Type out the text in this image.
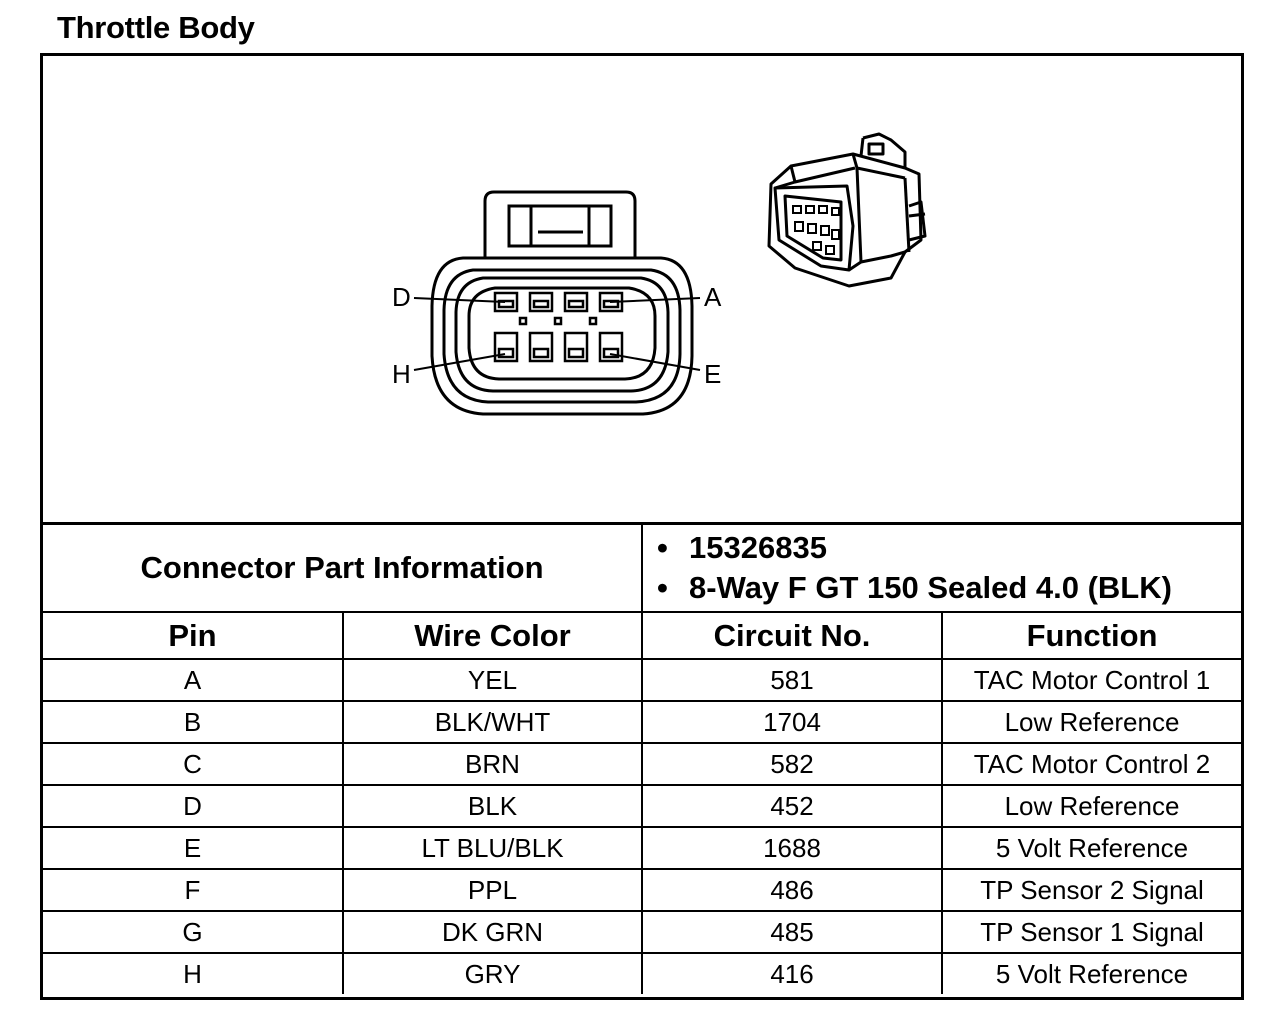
Throttle Body
D	A
H	E
Connector Part Information		• 15326835
• 8-Way F GT 150 Sealed 4.0 (BLK)	

Pin	Wire Color	Circuit No.	Function
A	YEL	581	TAC Motor Control 1
B	BLK/WHT	1704	Low Reference
C	BRN	582	TAC Motor Control 2
D	BLK	452	Low Reference
E	LT BLU/BLK	1688	5 Volt Reference
F	PPL	486	TP Sensor 2 Signal
G	DK GRN	485	TP Sensor 1 Signal
H	GRY	416	5 Volt Reference
